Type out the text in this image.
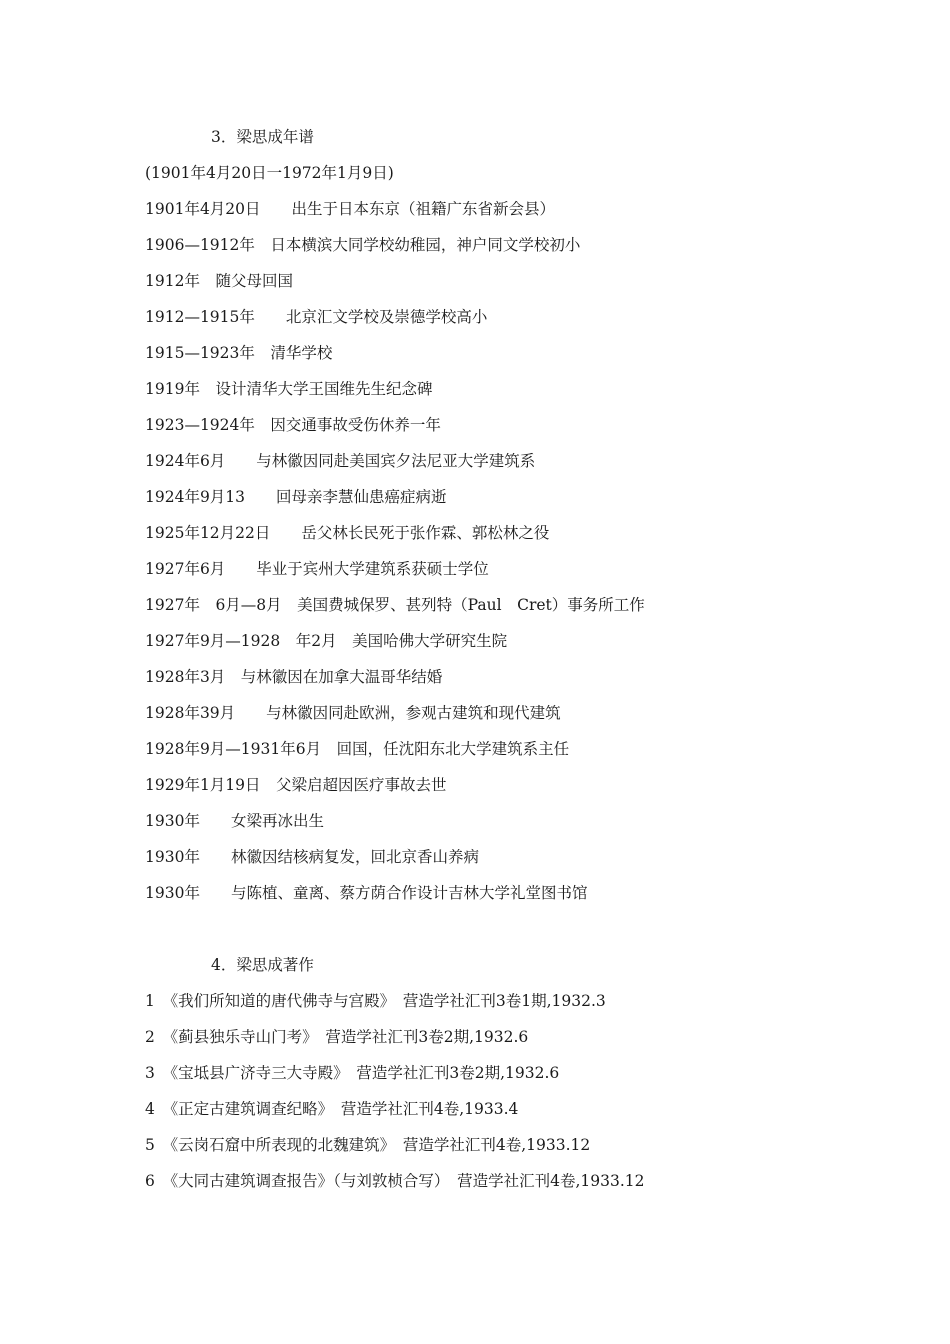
3．梁思成年谱
(1901年4月20日一1972年1月9日)
1901年4月20日　　出生于日本东京（祖籍广东省新会县）
1906—1912年　日本横滨大同学校幼稚园，神户同文学校初小
1912年　随父母回国
1912—1915年　　北京汇文学校及崇德学校高小
1915—1923年　清华学校
1919年　设计清华大学王国维先生纪念碑
1923—1924年　因交通事故受伤休养一年
1924年6月　　与林徽因同赴美国宾夕法尼亚大学建筑系
1924年9月13　　回母亲李慧仙患癌症病逝
1925年12月22日　　岳父林长民死于张作霖、郭松林之役
1927年6月　　毕业于宾州大学建筑系获硕士学位
1927年　6月—8月　美国费城保罗、甚列特（Paul　Cret）事务所工作
1927年9月—1928　年2月　美国哈佛大学研究生院
1928年3月　与林徽因在加拿大温哥华结婚
1928年39月　　与林徽因同赴欧洲，参观古建筑和现代建筑
1928年9月—1931年6月　回国，任沈阳东北大学建筑系主任
1929年1月19日　父梁启超因医疗事故去世
1930年　　女梁再冰出生
1930年　　林徽因结核病复发，回北京香山养病
1930年　　与陈植、童离、蔡方荫合作设计吉林大学礼堂图书馆
4．梁思成著作
1　《我们所知道的唐代佛寺与宫殿》　营造学社汇刊3卷1期,1932.3
2　《蓟县独乐寺山门考》　营造学社汇刊3卷2期,1932.6
3　《宝坻县广济寺三大寺殿》　营造学社汇刊3卷2期,1932.6
4　《正定古建筑调查纪略》　营造学社汇刊4卷,1933.4
5　《云岗石窟中所表现的北魏建筑》　营造学社汇刊4卷,1933.12
6　《大同古建筑调查报告》（与刘敦桢合写）　营造学社汇刊4卷,1933.12
